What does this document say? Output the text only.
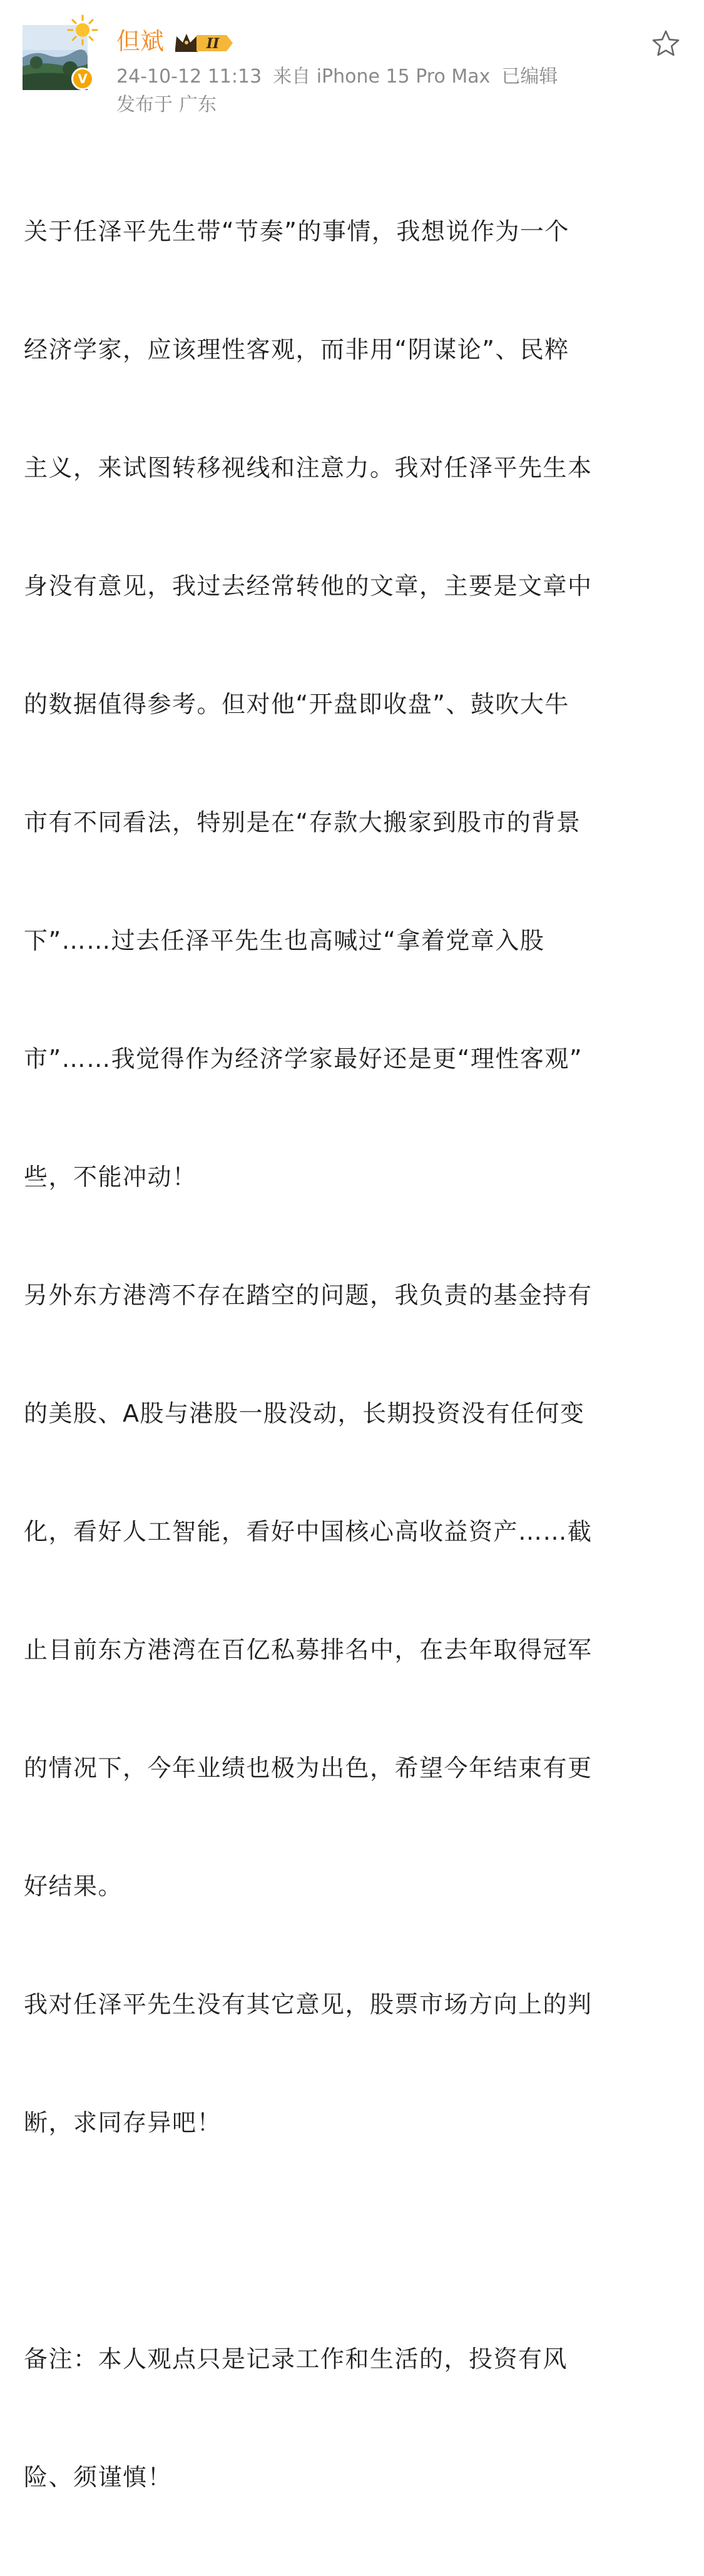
V
但斌	II
24-10-12 11:13 来自 iPhone 15 Pro Max 已编辑
发布于 广东

关于任泽平先生带“节奏”的事情，我想说作为一个

经济学家，应该理性客观，而非用“阴谋论”、民粹

主义，来试图转移视线和注意力。我对任泽平先生本

身没有意见，我过去经常转他的文章，主要是文章中

的数据值得参考。但对他“开盘即收盘”、鼓吹大牛

市有不同看法，特别是在“存款大搬家到股市的背景

下”……过去任泽平先生也高喊过“拿着党章入股

市”……我觉得作为经济学家最好还是更“理性客观”

些，不能冲动！

另外东方港湾不存在踏空的问题，我负责的基金持有

的美股、A股与港股一股没动，长期投资没有任何变

化，看好人工智能，看好中国核心高收益资产……截

止目前东方港湾在百亿私募排名中，在去年取得冠军

的情况下，今年业绩也极为出色，希望今年结束有更

好结果。

我对任泽平先生没有其它意见，股票市场方向上的判

断，求同存异吧！

备注：本人观点只是记录工作和生活的，投资有风

险、须谨慎！
